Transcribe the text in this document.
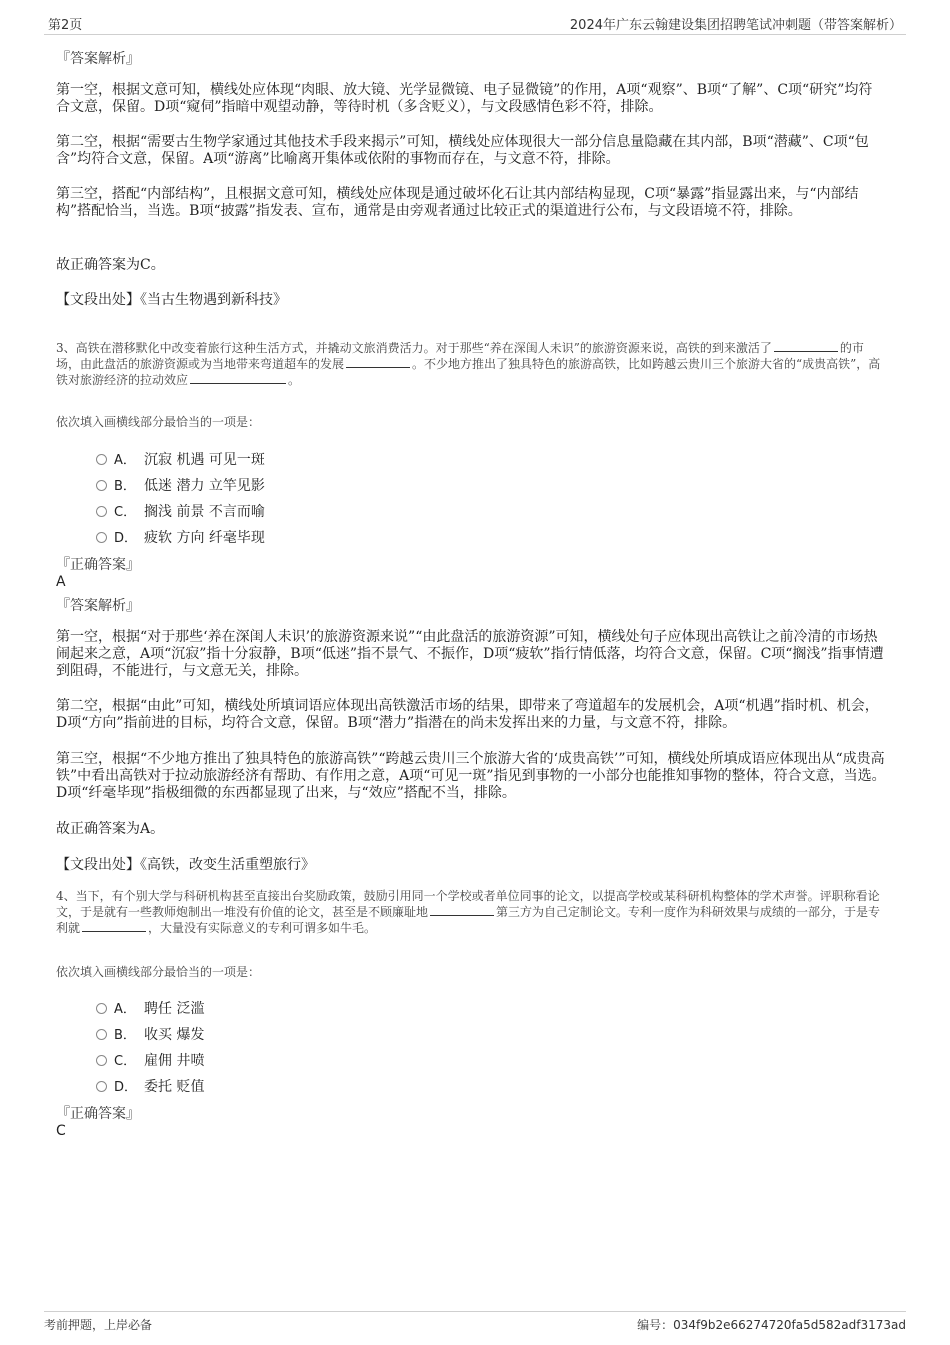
第2页	2024年广东云翰建设集团招聘笔试冲刺题（带答案解析）
『答案解析』
第一空，根据文意可知，横线处应体现“肉眼、放大镜、光学显微镜、电子显微镜”的作用，A项“观察”、B项“了解”、C项“研究”均符合文意，保留。D项“窥伺”指暗中观望动静，等待时机（多含贬义），与文段感情色彩不符，排除。
第二空，根据“需要古生物学家通过其他技术手段来揭示”可知，横线处应体现很大一部分信息量隐藏在其内部，B项“潜藏”、C项“包含”均符合文意，保留。A项“游离”比喻离开集体或依附的事物而存在，与文意不符，排除。
第三空，搭配“内部结构”，且根据文意可知，横线处应体现是通过破坏化石让其内部结构显现，C项“暴露”指显露出来，与“内部结构”搭配恰当，当选。B项“披露”指发表、宣布，通常是由旁观者通过比较正式的渠道进行公布，与文段语境不符，排除。
故正确答案为C。
【文段出处】《当古生物遇到新科技》
3、高铁在潜移默化中改变着旅行这种生活方式，并撬动文旅消费活力。对于那些“养在深闺人未识”的旅游资源来说，高铁的到来激活了	的市场，由此盘活的旅游资源或为当地带来弯道超车的发展	。不少地方推出了独具特色的旅游高铁，比如跨越云贵川三个旅游大省的“成贵高铁”，高铁对旅游经济的拉动效应	。
依次填入画横线部分最恰当的一项是：
A． 沉寂 机遇 可见一斑
B． 低迷 潜力 立竿见影
C． 搁浅 前景 不言而喻
D． 疲软 方向 纤毫毕现
『正确答案』
A
『答案解析』
第一空，根据“对于那些‘养在深闺人未识’的旅游资源来说”“由此盘活的旅游资源”可知，横线处句子应体现出高铁让之前冷清的市场热闹起来之意，A项“沉寂”指十分寂静，B项“低迷”指不景气、不振作，D项“疲软”指行情低落，均符合文意，保留。C项“搁浅”指事情遭到阻碍，不能进行，与文意无关，排除。
第二空，根据“由此”可知，横线处所填词语应体现出高铁激活市场的结果，即带来了弯道超车的发展机会，A项“机遇”指时机、机会，D项“方向”指前进的目标，均符合文意，保留。B项“潜力”指潜在的尚未发挥出来的力量，与文意不符，排除。
第三空，根据“不少地方推出了独具特色的旅游高铁”“跨越云贵川三个旅游大省的‘成贵高铁’”可知，横线处所填成语应体现出从“成贵高铁”中看出高铁对于拉动旅游经济有帮助、有作用之意，A项“可见一斑”指见到事物的一小部分也能推知事物的整体，符合文意，当选。D项“纤毫毕现”指极细微的东西都显现了出来，与“效应”搭配不当，排除。
故正确答案为A。
【文段出处】《高铁，改变生活重塑旅行》
4、当下，有个别大学与科研机构甚至直接出台奖励政策，鼓励引用同一个学校或者单位同事的论文，以提高学校或某科研机构整体的学术声誉。评职称看论文，于是就有一些教师炮制出一堆没有价值的论文，甚至是不顾廉耻地	第三方为自己定制论文。专利一度作为科研效果与成绩的一部分，于是专利就	，大量没有实际意义的专利可谓多如牛毛。
依次填入画横线部分最恰当的一项是：
A． 聘任 泛滥
B． 收买 爆发
C． 雇佣 井喷
D． 委托 贬值
『正确答案』
C
考前押题，上岸必备	编号：034f9b2e66274720fa5d582adf3173ad
